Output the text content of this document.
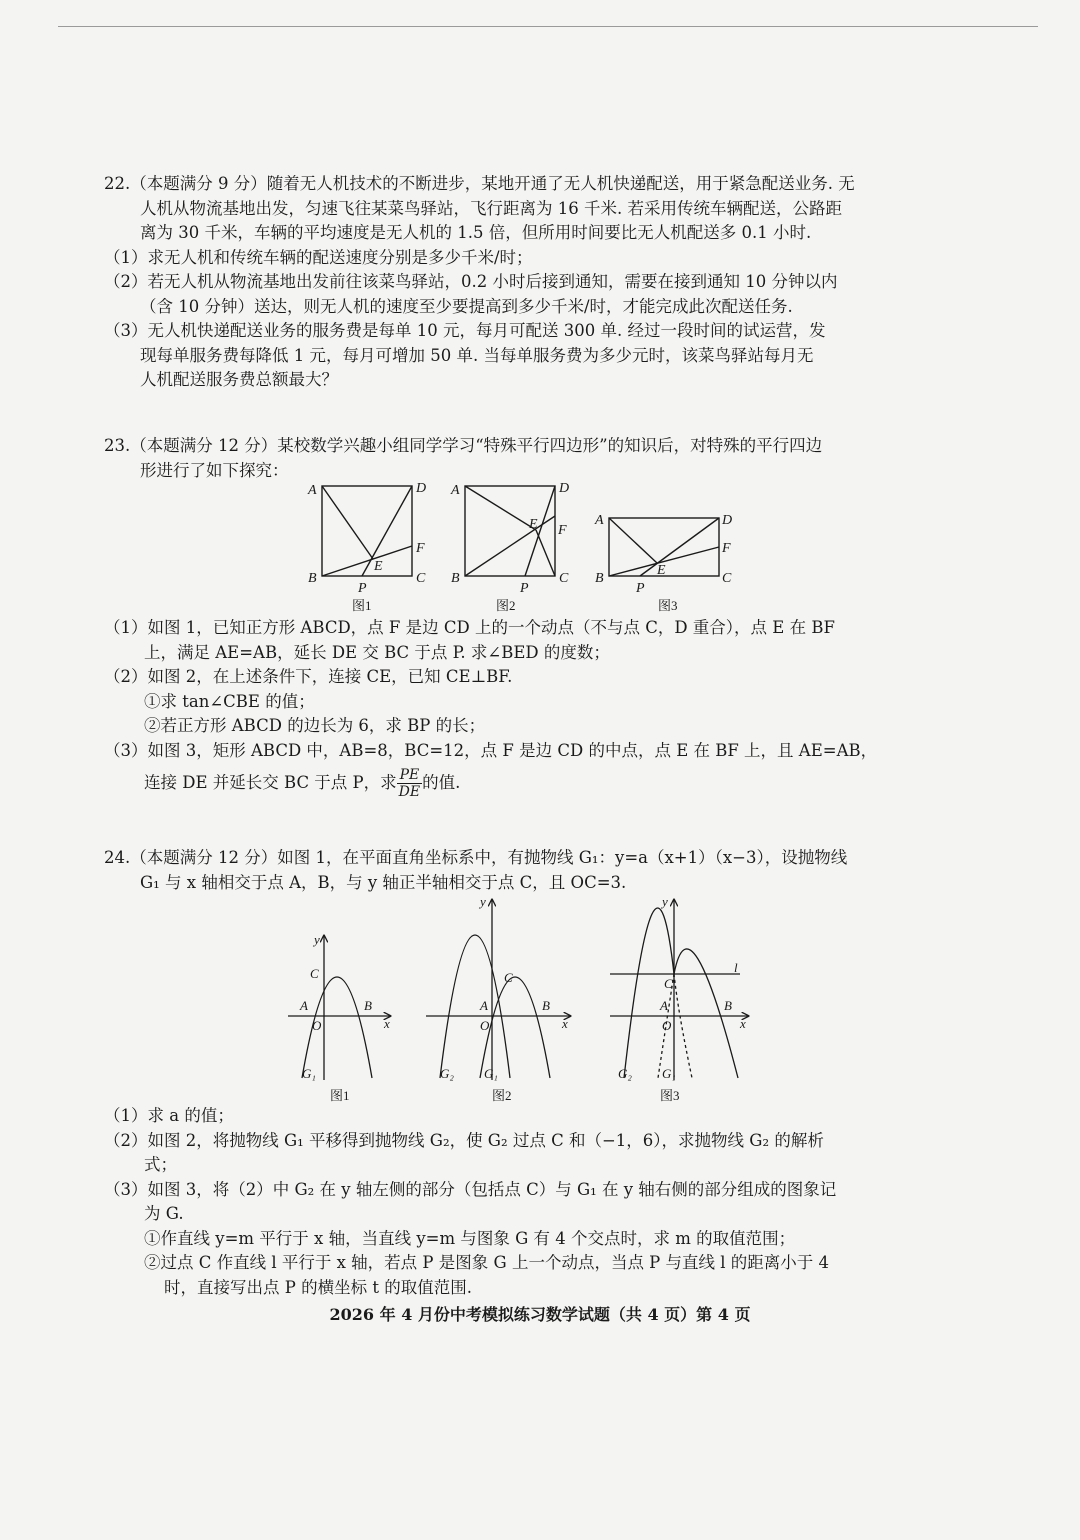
22.（本题满分 9 分）随着无人机技术的不断进步，某地开通了无人机快递配送，用于紧急配送业务. 无

人机从物流基地出发，匀速飞往某菜鸟驿站，飞行距离为 16 千米. 若采用传统车辆配送，公路距

离为 30 千米，车辆的平均速度是无人机的 1.5 倍，但所用时间要比无人机配送多 0.1 小时.

（1）求无人机和传统车辆的配送速度分别是多少千米/时；

（2）若无人机从物流基地出发前往该菜鸟驿站，0.2 小时后接到通知，需要在接到通知 10 分钟以内

（含 10 分钟）送达，则无人机的速度至少要提高到多少千米/时，才能完成此次配送任务.

（3）无人机快递配送业务的服务费是每单 10 元，每月可配送 300 单. 经过一段时间的试运营，发

现每单服务费每降低 1 元，每月可增加 50 单. 当每单服务费为多少元时，该菜鸟驿站每月无

人机配送服务费总额最大？

23.（本题满分 12 分）某校数学兴趣小组同学学习“特殊平行四边形”的知识后，对特殊的平行四边

形进行了如下探究：

A	D
F
E
B	C
P
A	D
E F
B	C
P
A	D
F
E
B	C
P
图1	图2	图3

（1）如图 1，已知正方形 ABCD，点 F 是边 CD 上的一个动点（不与点 C，D 重合），点 E 在 BF

上，满足 AE=AB，延长 DE 交 BC 于点 P. 求∠BED 的度数；

（2）如图 2，在上述条件下，连接 CE，已知 CE⊥BF.

①求 tan∠CBE 的值；

②若正方形 ABCD 的边长为 6，求 BP 的长；

（3）如图 3，矩形 ABCD 中，AB=8，BC=12，点 F 是边 CD 的中点，点 E 在 BF 上，且 AE=AB，

连接 DE 并延长交 BC 于点 P，求 $\frac{PE}{DE}$ 的值.

24.（本题满分 12 分）如图 1，在平面直角坐标系中，有抛物线 G₁：y=a（x+1）（x−3），设抛物线

G₁ 与 x 轴相交于点 A，B，与 y 轴正半轴相交于点 C，且 OC=3.

y
x
O
A	B
C
G₁
y
x
O
A	B
C
G₂ G₁
y
x
O
A	B
C
l
G₂ G₁
图1	图2	图3

（1）求 a 的值；

（2）如图 2，将抛物线 G₁ 平移得到抛物线 G₂，使 G₂ 过点 C 和（−1，6），求抛物线 G₂ 的解析

式；

（3）如图 3，将（2）中 G₂ 在 y 轴左侧的部分（包括点 C）与 G₁ 在 y 轴右侧的部分组成的图象记

为 G.

①作直线 y=m 平行于 x 轴，当直线 y=m 与图象 G 有 4 个交点时，求 m 的取值范围；

②过点 C 作直线 l 平行于 x 轴，若点 P 是图象 G 上一个动点，当点 P 与直线 l 的距离小于 4

时，直接写出点 P 的横坐标 t 的取值范围.

2026 年 4 月份中考模拟练习数学试题（共 4 页）第 4 页
